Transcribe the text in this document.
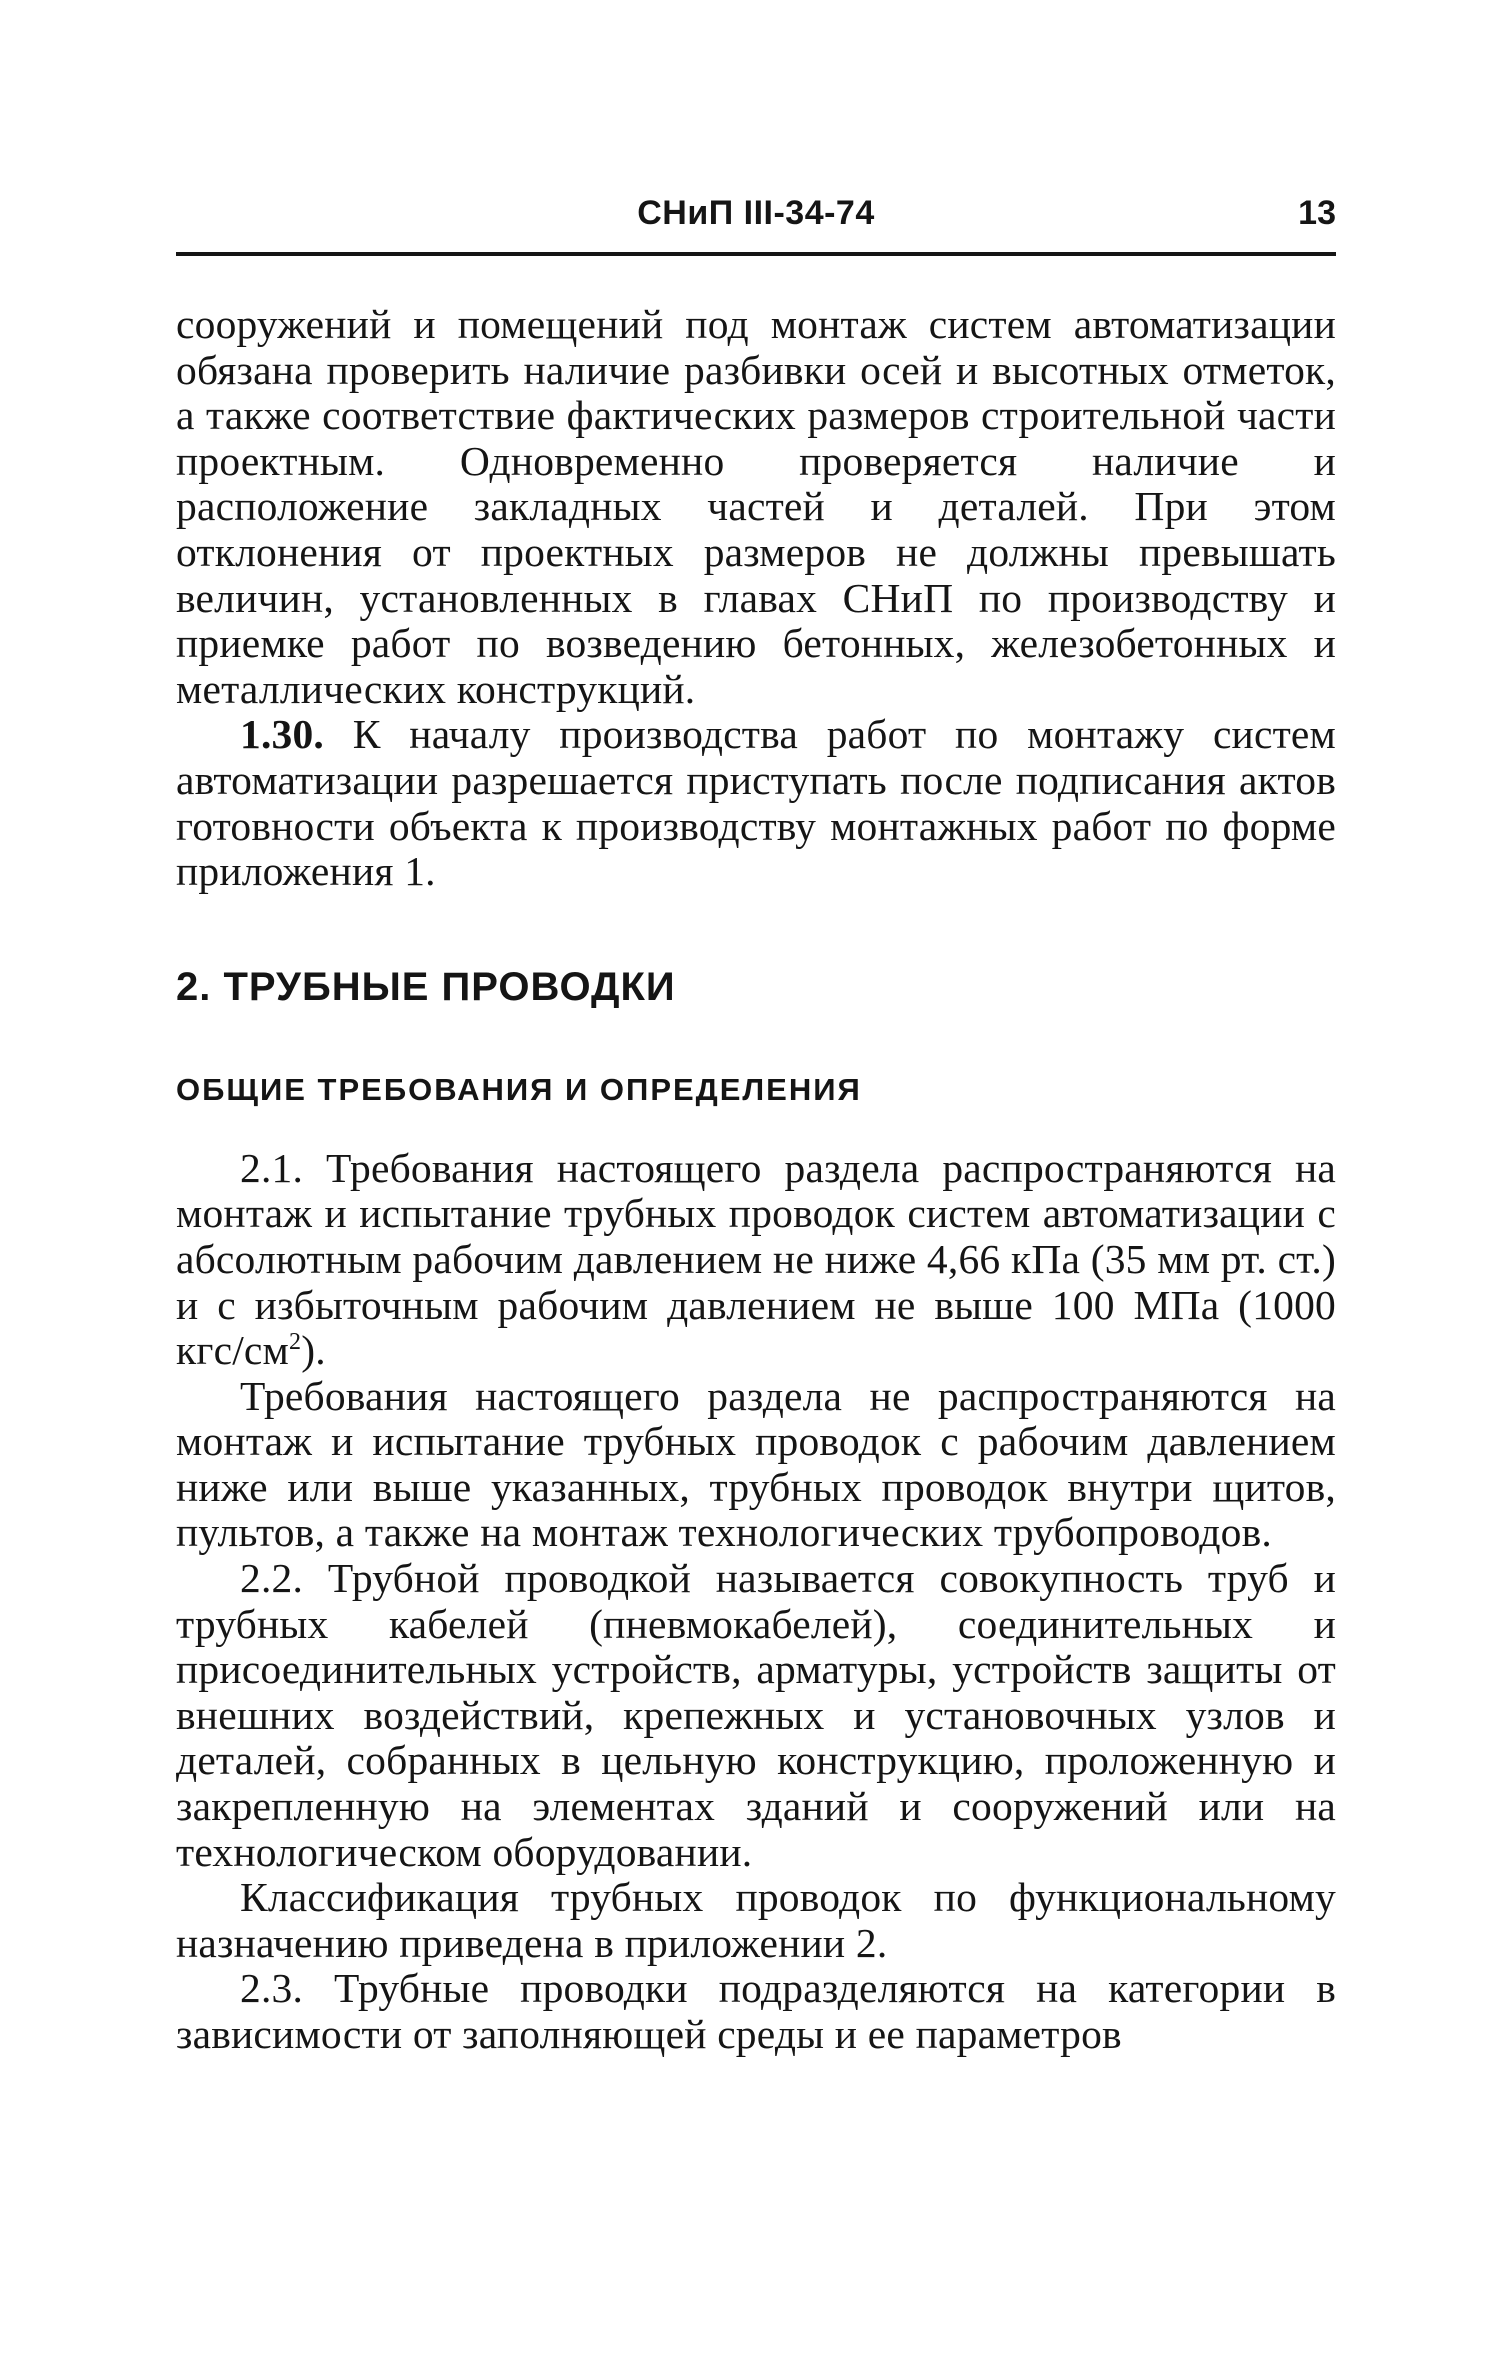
СНиП III-34-74	13

сооружений и помещений под монтаж систем автоматизации обязана проверить наличие разбивки осей и высотных отметок, а также соответствие фактических размеров строительной части проектным. Одновременно проверяется наличие и расположение закладных частей и деталей. При этом отклонения от проектных размеров не должны превышать величин, установленных в главах СНиП по производству и приемке работ по возведению бетонных, железобетонных и металлических конструкций.

1.30. К началу производства работ по монтажу систем автоматизации разрешается приступать после подписания актов готовности объекта к производству монтажных работ по форме приложения 1.

2. ТРУБНЫЕ ПРОВОДКИ
ОБЩИЕ ТРЕБОВАНИЯ И ОПРЕДЕЛЕНИЯ

2.1. Требования настоящего раздела распространяются на монтаж и испытание трубных проводок систем автоматизации с абсолютным рабочим давлением не ниже 4,66 кПа (35 мм рт. ст.) и с избыточным рабочим давлением не выше 100 МПа (1000 кгс/$см^2$).

Требования настоящего раздела не распространяются на монтаж и испытание трубных проводок с рабочим давлением ниже или выше указанных, трубных проводок внутри щитов, пультов, а также на монтаж технологических трубопроводов.

2.2. Трубной проводкой называется совокупность труб и трубных кабелей (пневмокабелей), соединительных и присоединительных устройств, арматуры, устройств защиты от внешних воздействий, крепежных и установочных узлов и деталей, собранных в цельную конструкцию, проложенную и закрепленную на элементах зданий и сооружений или на технологическом оборудовании.

Классификация трубных проводок по функциональному назначению приведена в приложении 2.

2.3. Трубные проводки подразделяются на категории в зависимости от заполняющей среды и ее параметров
